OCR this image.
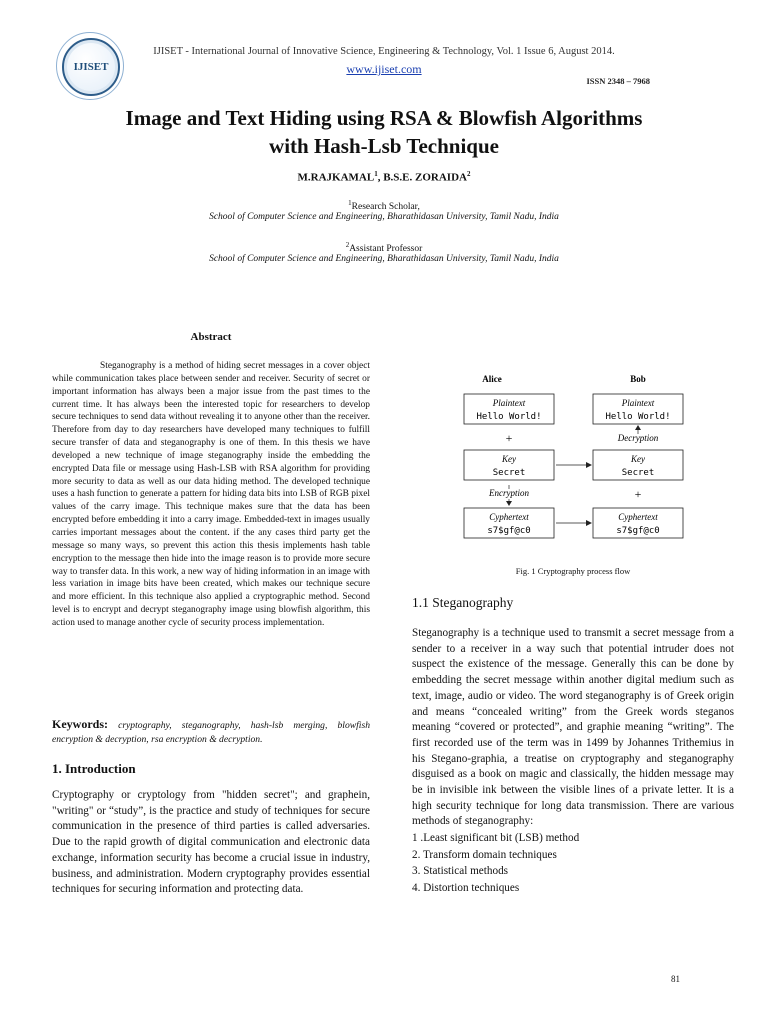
IJISET
IJISET - International Journal of Innovative Science, Engineering & Technology, Vol. 1 Issue 6, August 2014.
www.ijiset.com
ISSN 2348 – 7968
Image and Text Hiding using RSA & Blowfish Algorithms
with Hash-Lsb Technique
M.RAJKAMAL$^1$, B.S.E. ZORAIDA$^2$
$^1$Research Scholar,
School of Computer Science and Engineering, Bharathidasan University, Tamil Nadu, India
$^2$Assistant Professor
School of Computer Science and Engineering, Bharathidasan University, Tamil Nadu, India
Abstract

Steganography is a method of hiding secret messages in a cover object while communication takes place between sender and receiver. Security of secret or important information has always been a major issue from the past times to the current time. It has always been the interested topic for researchers to develop secure techniques to send data without revealing it to anyone other than the receiver. Therefore from day to day researchers have developed many techniques to fulfill secure transfer of data and steganography is one of them. In this thesis we have developed a new technique of image steganography inside the embedding the encrypted Data file or message using Hash-LSB with RSA algorithm for providing more security to data as well as our data hiding method. The developed technique uses a hash function to generate a pattern for hiding data bits into LSB of RGB pixel values of the carry image. This technique makes sure that the data has been encrypted before embedding it into a carry image. Embedded-text in images usually carries important messages about the content. if the any cases third party get the message so many ways, so prevent this action this thesis implements hash table encryption to the message then hide into the image reason is to provide more secure way to transfer data. In this work, a new way of hiding information in an image with less variation in image bits have been created, which makes our technique secure and more efficient. In this technique also applied a cryptographic method. Second level is to encrypt and decrypt steganography image using blowfish algorithm, this action used to manage another cycle of security process implementation.

Keywords: cryptography, steganography, hash-lsb merging, blowfish encryption & decryption, rsa encryption & decryption.

1. Introduction

Cryptography or cryptology from "hidden secret"; and graphein, "writing" or “study”, is the practice and study of techniques for secure communication in the presence of third parties is called adversaries. Due to the rapid growth of digital communication and electronic data exchange, information security has become a crucial issue in industry, business, and administration. Modern cryptography provides essential techniques for securing information and protecting data.

Alice	Bob
Plaintext
Hello World!
Plaintext
Hello World!
+	Decryption
Key
Secret
Key
Secret
Encryption	+
Cyphertext
s7$gf@c0
Cyphertext
s7$gf@c0
Fig. 1 Cryptography process flow
1.1 Steganography

Steganography is a technique used to transmit a secret message from a sender to a receiver in a way such that potential intruder does not suspect the existence of the message. Generally this can be done by embedding the secret message within another digital medium such as text, image, audio or video. The word steganography is of Greek origin and means “concealed writing” from the Greek words steganos meaning “covered or protected”, and graphie meaning “writing”. The first recorded use of the term was in 1499 by Johannes Trithemius in his Stegano-graphia, a treatise on cryptography and steganography disguised as a book on magic and classically, the hidden message may be in invisible ink between the visible lines of a private letter. It is a high security technique for long data transmission. There are various methods of steganography:

1 .Least significant bit (LSB) method
2. Transform domain techniques
3. Statistical methods
4. Distortion techniques
81
